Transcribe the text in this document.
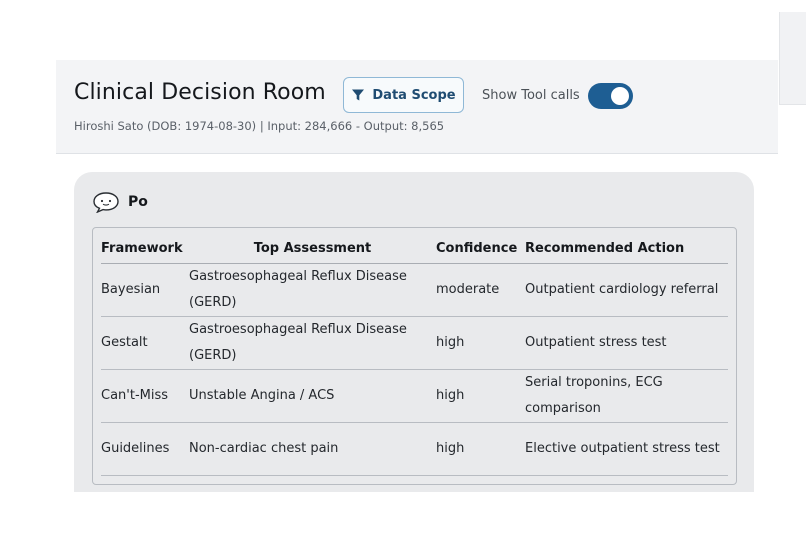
Clinical Decision Room	Data Scope Show Tool calls
Hiroshi Sato (DOB: 1974-08-30) | Input: 284,666 - Output: 8,565
Po
Framework	Top Assessment	Confidence	Recommended Action
Bayesian	Gastroesophageal Reflux Disease (GERD)	moderate	Outpatient cardiology referral
Gestalt	Gastroesophageal Reflux Disease (GERD)	high	Outpatient stress test
Can't-Miss	Unstable Angina / ACS	high	Serial troponins, ECG comparison
Guidelines	Non-cardiac chest pain	high	Elective outpatient stress test
